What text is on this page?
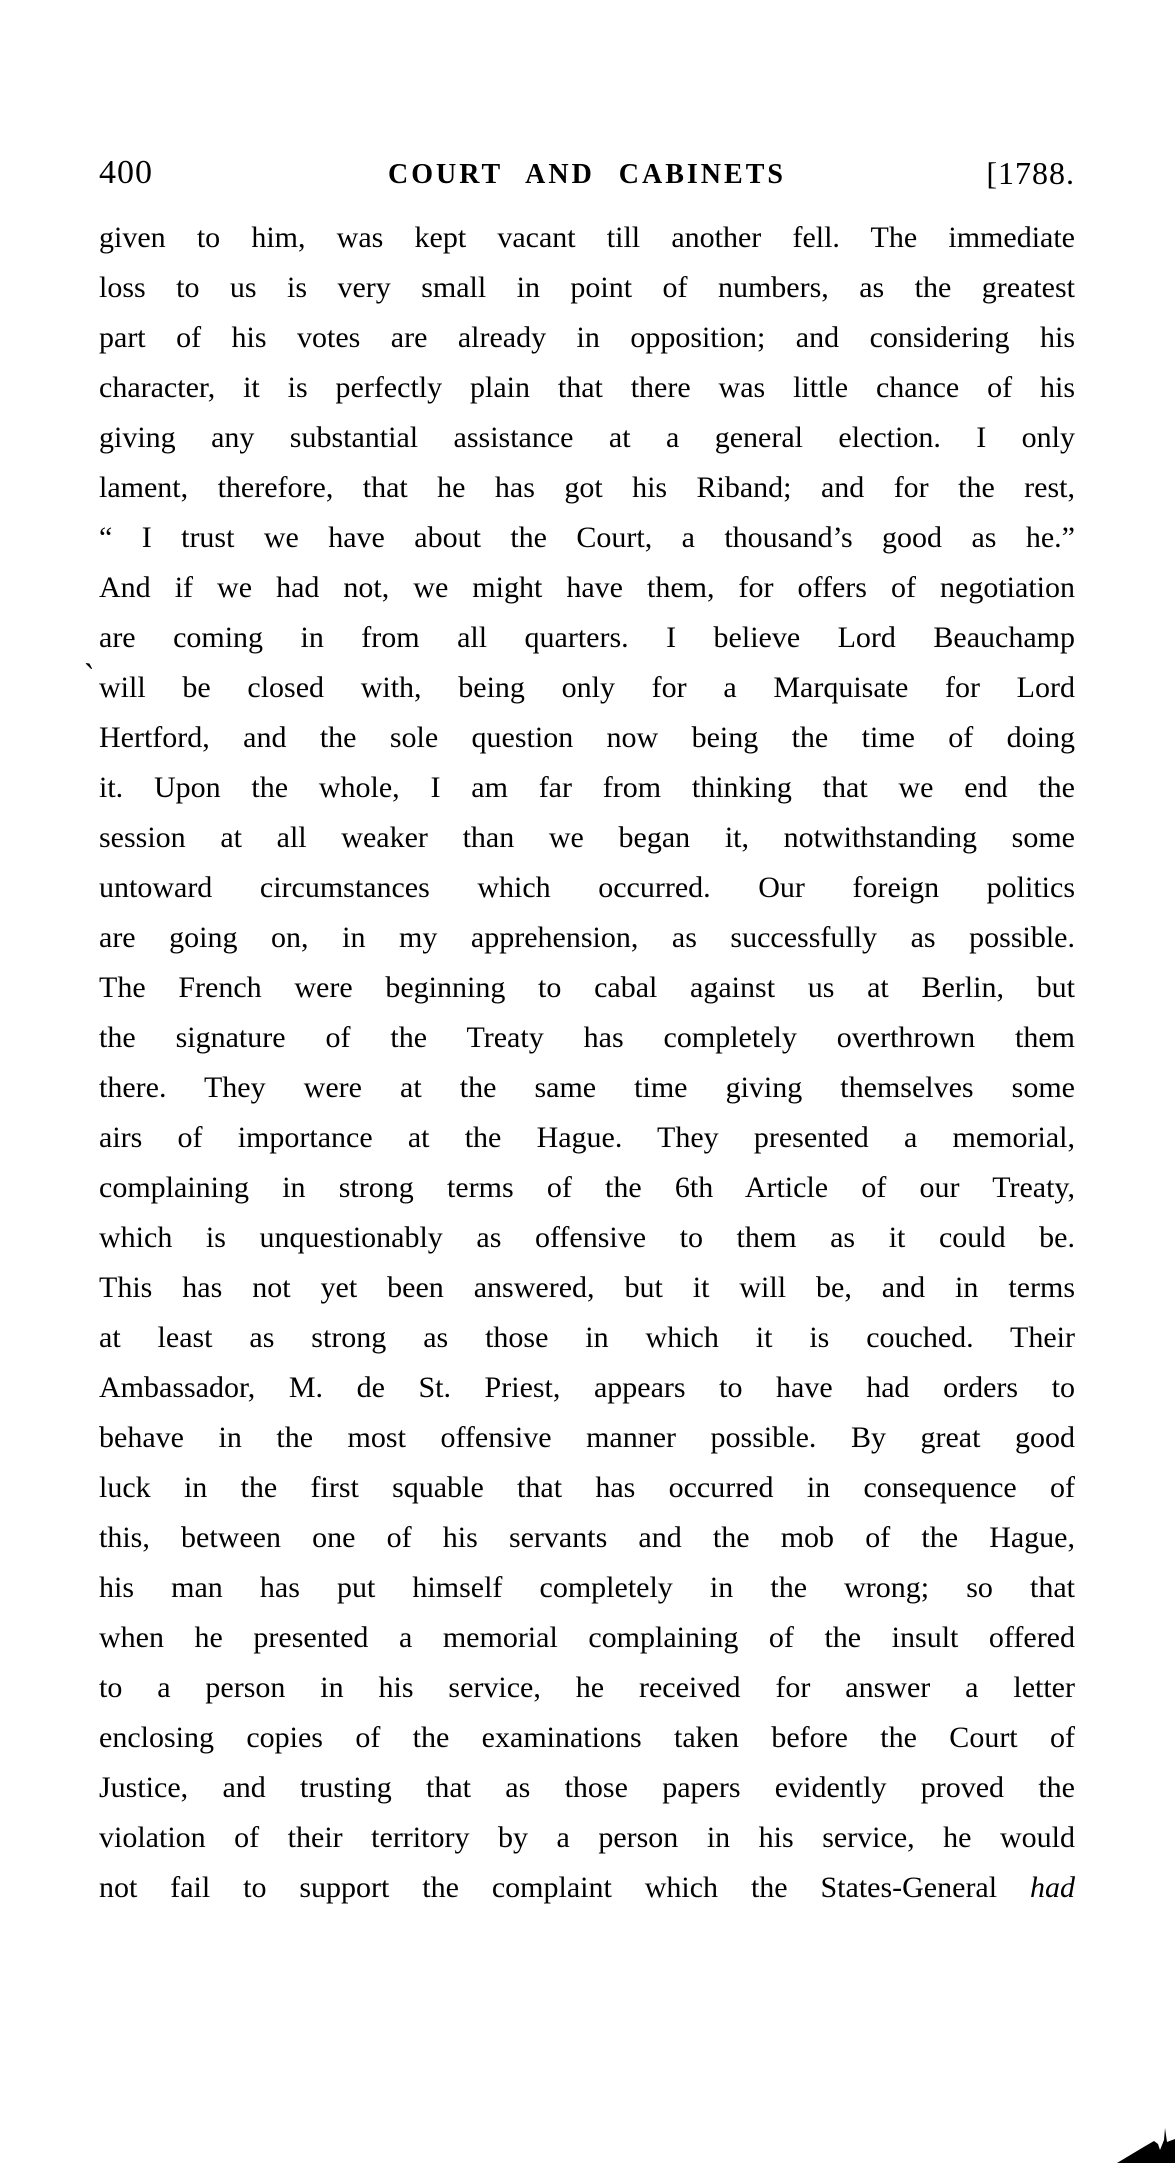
400	COURT AND CABINETS	[1788.
given to him, was kept vacant till another fell. The immediate
loss to us is very small in point of numbers, as the greatest
part of his votes are already in opposition; and considering his
character, it is perfectly plain that there was little chance of his
giving any substantial assistance at a general election. I only
lament, therefore, that he has got his Riband; and for the rest,
“ I trust we have about the Court, a thousand’s good as he.”
And if we had not, we might have them, for offers of negotiation
are coming in from all quarters. I believe Lord Beauchamp
will be closed with, being only for a Marquisate for Lord
Hertford, and the sole question now being the time of doing
it. Upon the whole, I am far from thinking that we end the
session at all weaker than we began it, notwithstanding some
untoward circumstances which occurred. Our foreign politics
are going on, in my apprehension, as successfully as possible.
The French were beginning to cabal against us at Berlin, but
the signature of the Treaty has completely overthrown them
there. They were at the same time giving themselves some
airs of importance at the Hague. They presented a memorial,
complaining in strong terms of the 6th Article of our Treaty,
which is unquestionably as offensive to them as it could be.
This has not yet been answered, but it will be, and in terms
at least as strong as those in which it is couched. Their
Ambassador, M. de St. Priest, appears to have had orders to
behave in the most offensive manner possible. By great good
luck in the first squable that has occurred in consequence of
this, between one of his servants and the mob of the Hague,
his man has put himself completely in the wrong; so that
when he presented a memorial complaining of the insult offered
to a person in his service, he received for answer a letter
enclosing copies of the examinations taken before the Court of
Justice, and trusting that as those papers evidently proved the
violation of their territory by a person in his service, he would
not fail to support the complaint which the States-General had
`
